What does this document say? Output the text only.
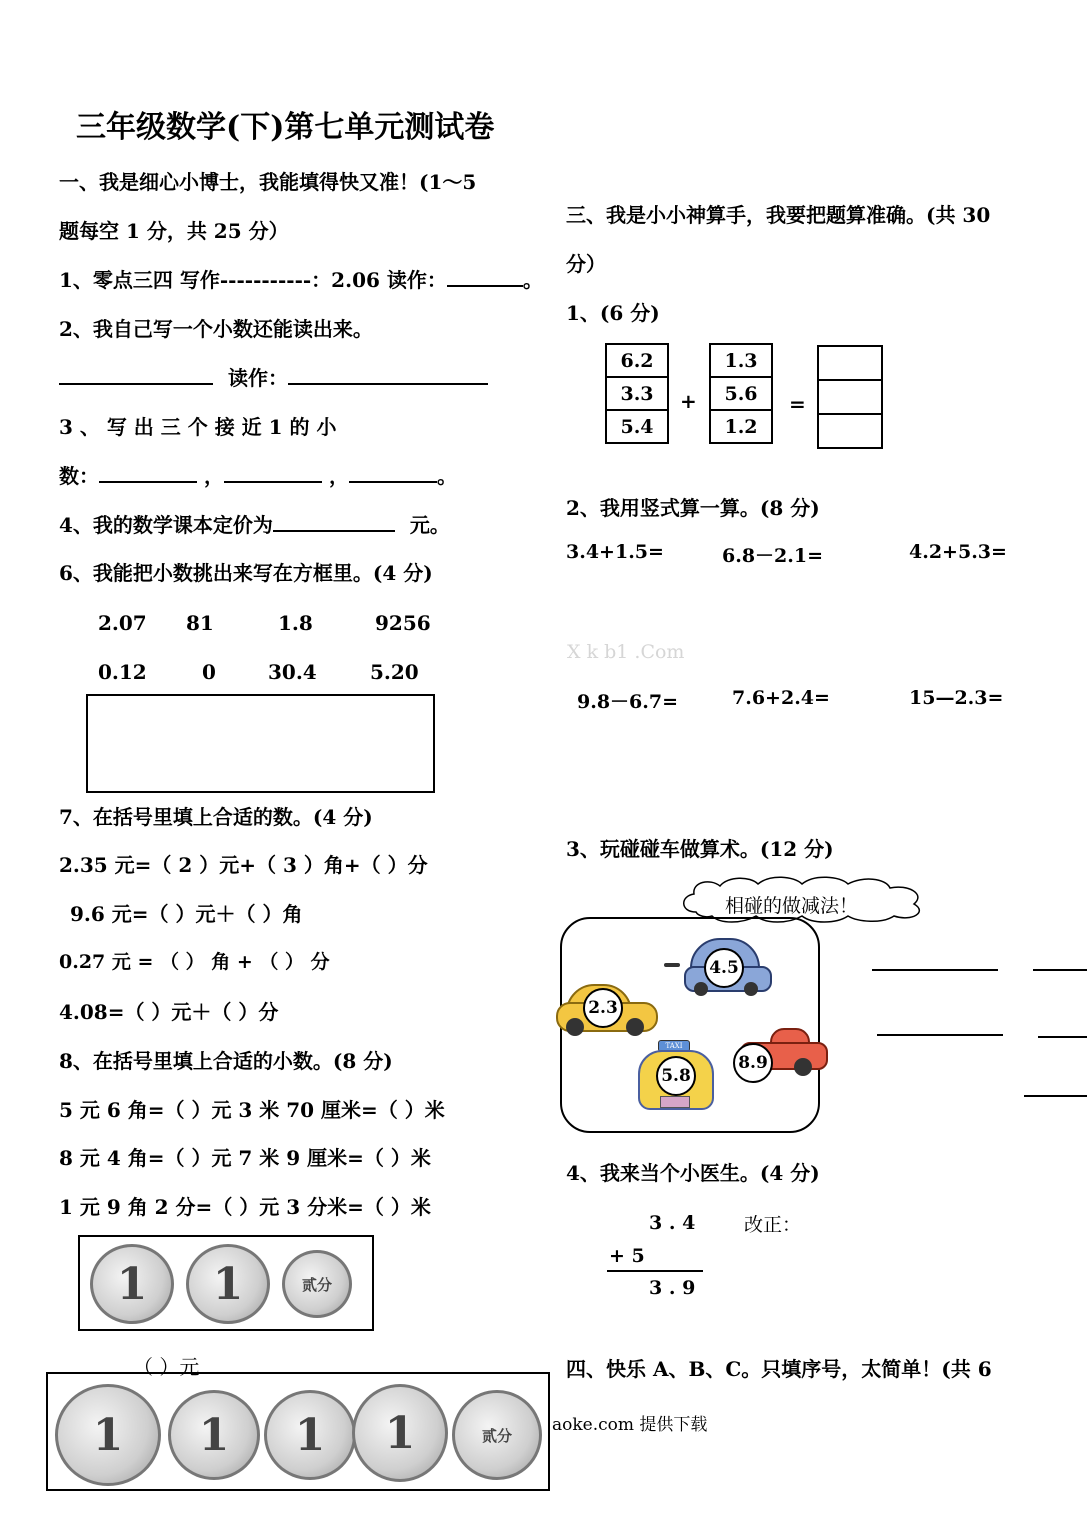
三年级数学(下)第七单元测试卷
一、我是细心小博士，我能填得快又准！(1～5
题每空 1 分，共 25 分）
1、零点三四 写作-----------：2.06 读作：	。
2、我自己写一个小数还能读出来。
读作：
3 、 写 出 三 个 接 近 1 的 小
数：	，	，	。
4、我的数学课本定价为	元。
6、我能把小数挑出来写在方框里。(4 分)
2.07 81	1.8	9256
0.12	0	30.4	5.20
7、在括号里填上合适的数。(4 分)
2.35 元=（ 2 ）元+（ 3 ）角+（ ）分
9.6 元=（ ）元＋（ ）角
0.27 元 = （ ） 角 + （ ） 分
4.08=（ ）元＋（ ）分
8、在括号里填上合适的小数。(8 分)
5 元 6 角=（ ）元 3 米 70 厘米=（ ）米
8 元 4 角=（ ）元 7 米 9 厘米=（ ）米
1 元 9 角 2 分=（ ）元 3 分米=（ ）米
1 1	贰分
（ ）元
1 1 1 1	贰分
三、我是小小神算手，我要把题算准确。(共 30
分）
1、(6 分)
6.2
3.3
5.4
+
1.3
5.6
1.2
=
2、我用竖式算一算。(8 分)
3.4+1.5=	6.8－2.1=	4.2+5.3=
X k b1 .Com
9.8－6.7=	7.6+2.4=	15—2.3=
3、玩碰碰车做算术。(12 分)
相碰的做减法！
4.5
2.3
TAXI
5.8
8.9
4、我来当个小医生。(4 分)
3 . 4
+ 5
3 . 9
改正：
四、快乐 A、B、C。只填序号，太简单！(共 6
aoke.com 提供下载
